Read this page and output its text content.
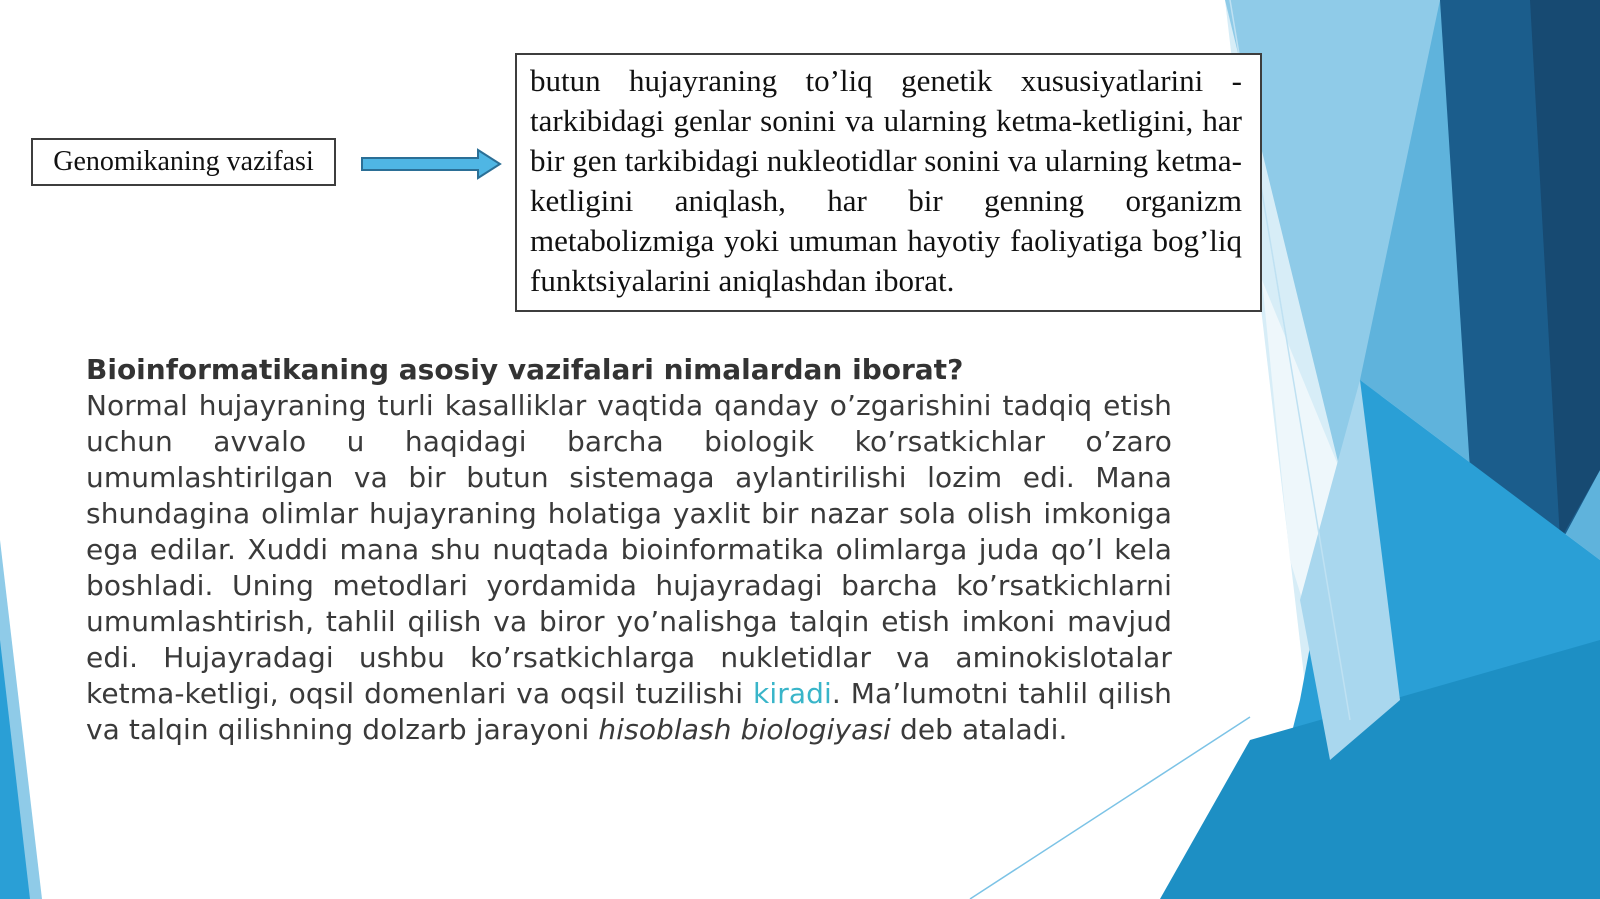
Genomikaning vazifasi
butun hujayraning to’liq genetik xususiyatlarini - tarkibidagi genlar sonini va ularning ketma-ketligini, har bir gen tarkibidagi nukleotidlar sonini va ularning ketma-ketligini aniqlash, har bir genning organizm metabolizmiga yoki umuman hayotiy faoliyatiga bog’liq funktsiyalarini aniqlashdan iborat.

Bioinformatikaning asosiy vazifalari nimalardan iborat?

Normal hujayraning turli kasalliklar vaqtida qanday o’zgarishini tadqiq etish uchun avvalo u haqidagi barcha biologik ko’rsatkichlar o’zaro umumlashtirilgan va bir butun sistemaga aylantirilishi lozim edi. Mana shundagina olimlar hujayraning holatiga yaxlit bir nazar sola olish imkoniga ega edilar. Xuddi mana shu nuqtada bioinformatika olimlarga juda qo’l kela boshladi. Uning metodlari yordamida hujayradagi barcha ko’rsatkichlarni umumlashtirish, tahlil qilish va biror yo’nalishga talqin etish imkoni mavjud edi. Hujayradagi ushbu ko’rsatkichlarga nukletidlar va aminokislotalar ketma-ketligi, oqsil domenlari va oqsil tuzilishi kiradi. Ma’lumotni tahlil qilish va talqin qilishning dolzarb jarayoni hisoblash biologiyasi deb ataladi.
